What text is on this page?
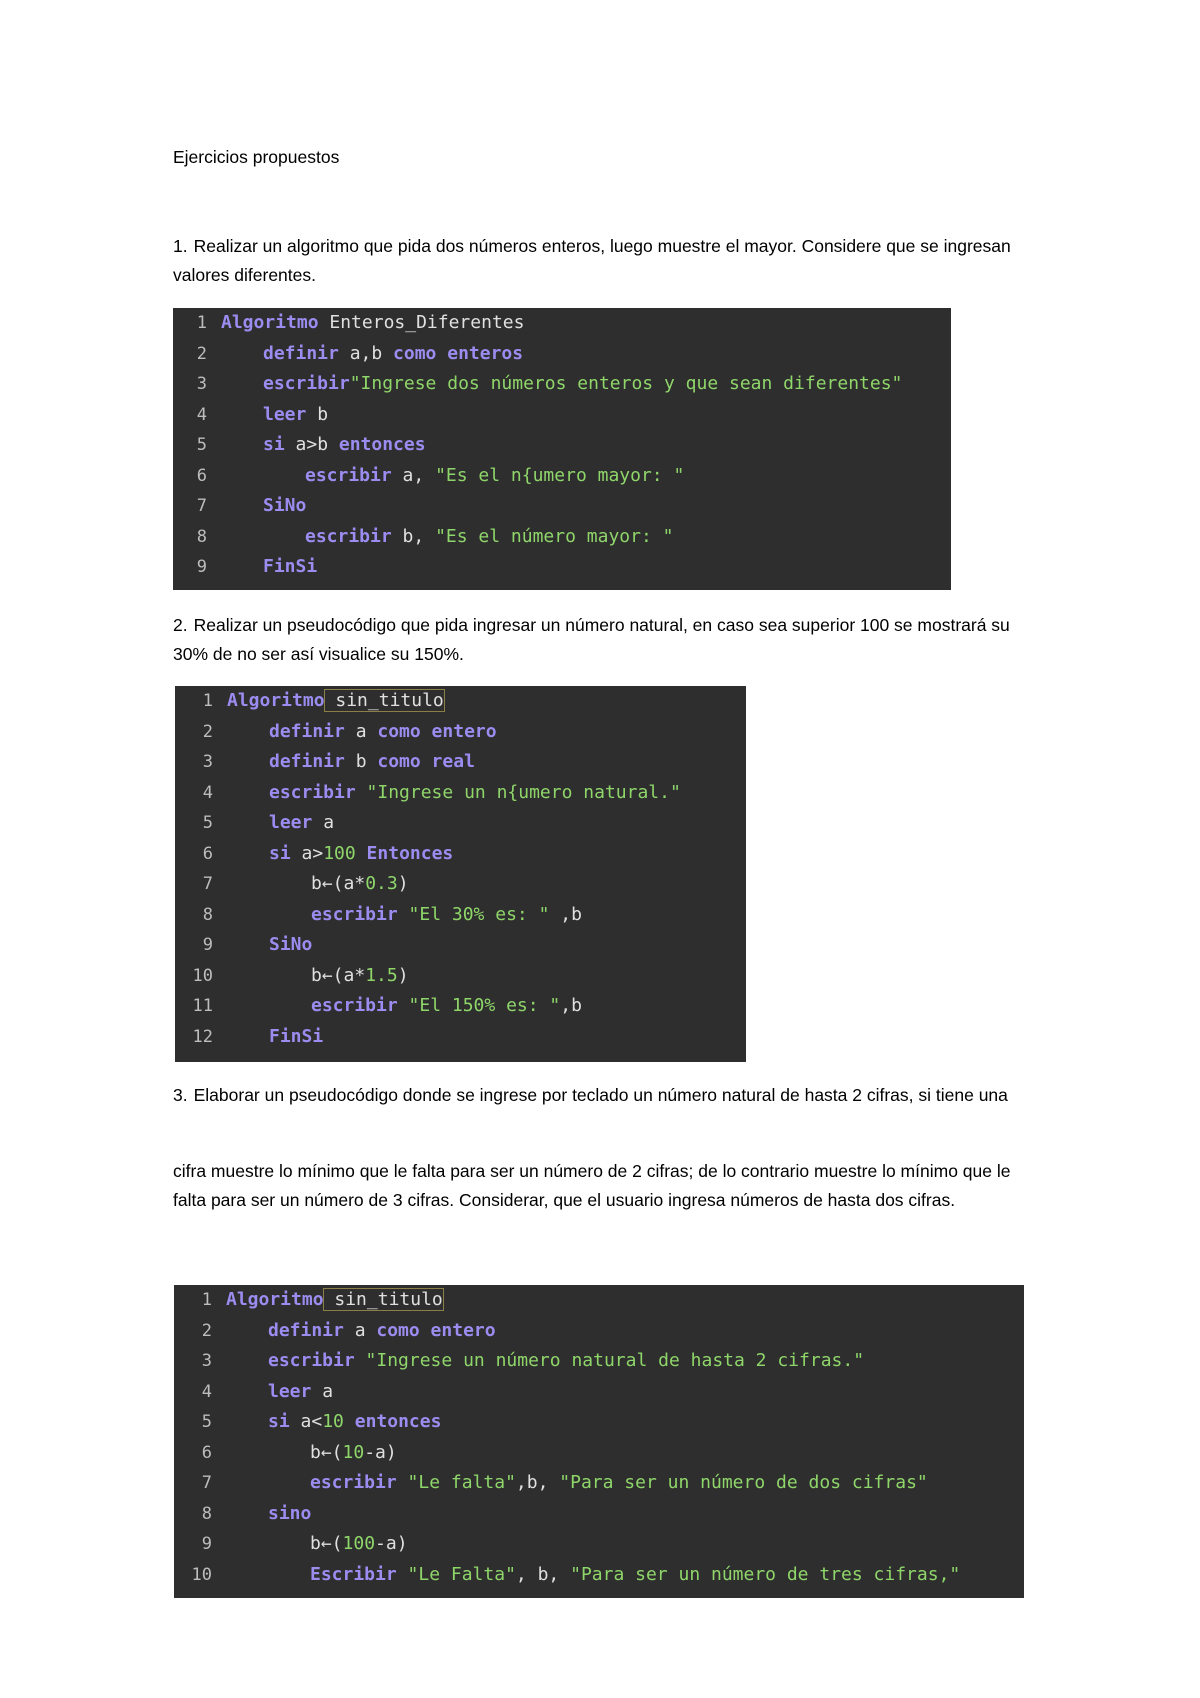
Ejercicios propuestos
1. Realizar un algoritmo que pida dos números enteros, luego muestre el mayor. Considere que se ingresan valores diferentes.
1 Algoritmo Enteros_Diferentes
2	definir a,b como enteros
3	escribir"Ingrese dos números enteros y que sean diferentes"
4	leer b
5	si a>b entonces
6	escribir a, "Es el n{umero mayor: "
7	SiNo
8	escribir b, "Es el número mayor: "
9	FinSi
2. Realizar un pseudocódigo que pida ingresar un número natural, en caso sea superior 100 se mostrará su 30% de no ser así visualice su 150%.
1 Algoritmo sin_titulo
2	definir a como entero
3	definir b como real
4	escribir "Ingrese un n{umero natural."
5	leer a
6	si a>100 Entonces
7	b←(a*0.3)
8	escribir "El 30% es: " ,b
9	SiNo
10	b←(a*1.5)
11	escribir "El 150% es: ",b
12	FinSi
3. Elaborar un pseudocódigo donde se ingrese por teclado un número natural de hasta 2 cifras, si tiene una
cifra muestre lo mínimo que le falta para ser un número de 2 cifras; de lo contrario muestre lo mínimo que le falta para ser un número de 3 cifras. Considerar, que el usuario ingresa números de hasta dos cifras.
1 Algoritmo sin_titulo
2	definir a como entero
3	escribir "Ingrese un número natural de hasta 2 cifras."
4	leer a
5	si a<10 entonces
6	b←(10-a)
7	escribir "Le falta",b, "Para ser un número de dos cifras"
8	sino
9	b←(100-a)
10	Escribir "Le Falta", b, "Para ser un número de tres cifras,"
